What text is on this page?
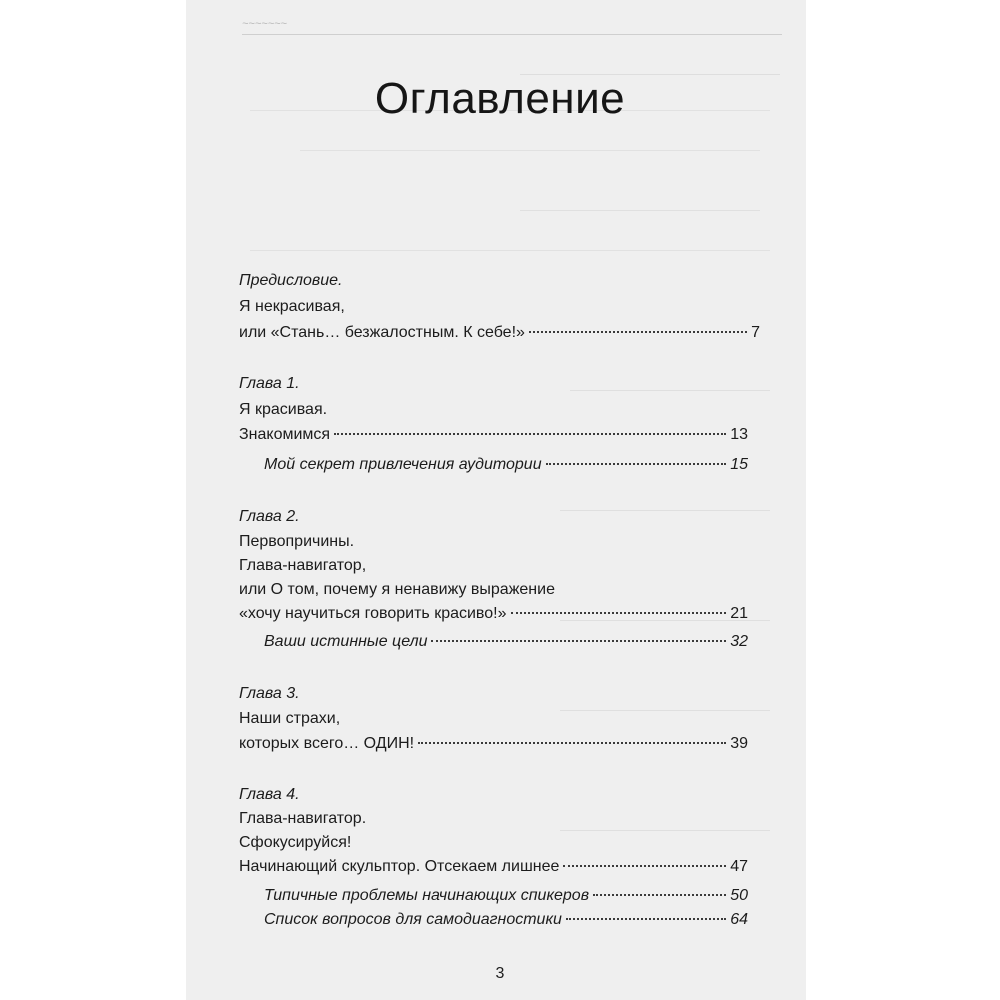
~~~~~~~
Оглавление
Предисловие.
Я некрасивая,
или «Стань… безжалостным. К себе!»	7
Глава 1.
Я красивая.
Знакомимся	13
Мой секрет привлечения аудитории	15
Глава 2.
Первопричины.
Глава-навигатор,
или О том, почему я ненавижу выражение
«хочу научиться говорить красиво!»	21
Ваши истинные цели	32
Глава 3.
Наши страхи,
которых всего… ОДИН!	39
Глава 4.
Глава-навигатор.
Сфокусируйся!
Начинающий скульптор. Отсекаем лишнее	47
Типичные проблемы начинающих спикеров	50
Список вопросов для самодиагностики	64
3
